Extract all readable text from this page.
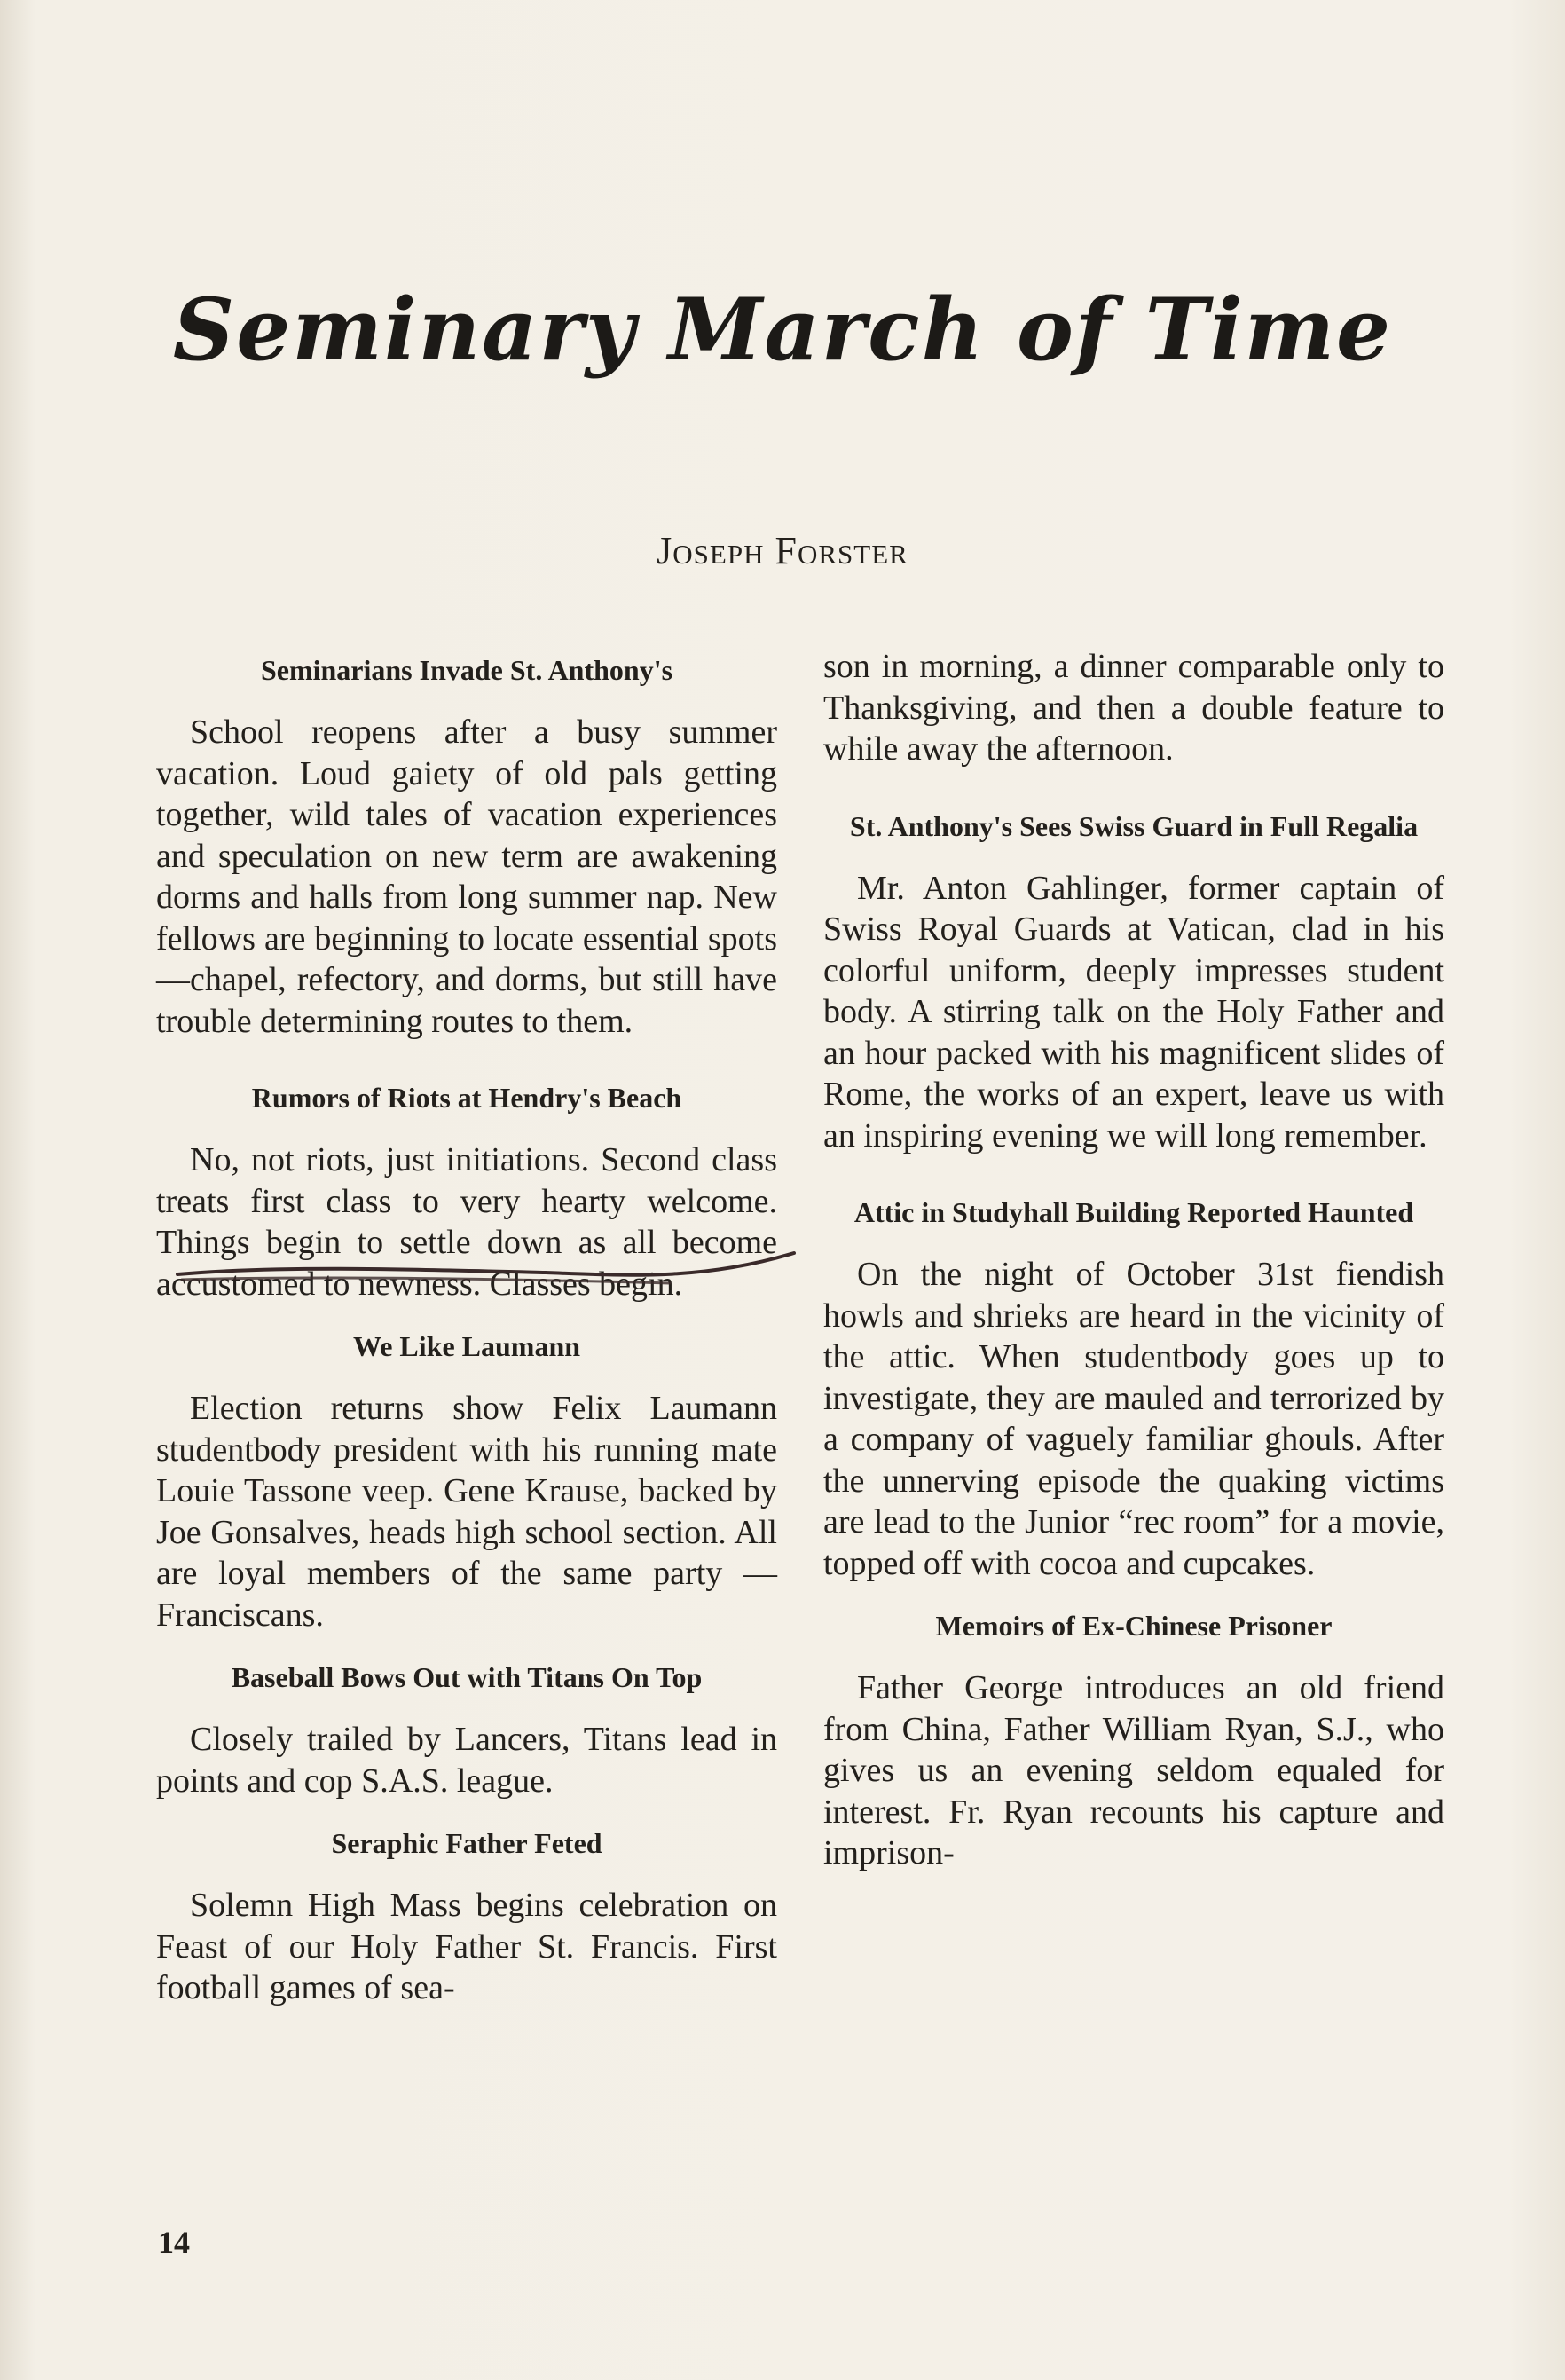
Seminary March of Time
Joseph Forster
Seminarians Invade St. Anthony's

School reopens after a busy summer vacation. Loud gaiety of old pals getting together, wild tales of vacation experiences and speculation on new term are awakening dorms and halls from long summer nap. New fellows are beginning to locate essential spots —chapel, refectory, and dorms, but still have trouble determining routes to them.

Rumors of Riots at Hendry's Beach

No, not riots, just initiations. Second class treats first class to very hearty welcome. Things begin to settle down as all become accustomed to newness. Classes begin.

We Like Laumann

Election returns show Felix Laumann studentbody president with his running mate Louie Tassone veep. Gene Krause, backed by Joe Gonsalves, heads high school section. All are loyal members of the same party — Franciscans.

Baseball Bows Out with Titans On Top

Closely trailed by Lancers, Titans lead in points and cop S.A.S. league.

Seraphic Father Feted

Solemn High Mass begins celebration on Feast of our Holy Father St. Francis. First football games of sea-

son in morning, a dinner comparable only to Thanksgiving, and then a double feature to while away the afternoon.

St. Anthony's Sees Swiss Guard in Full Regalia

Mr. Anton Gahlinger, former captain of Swiss Royal Guards at Vatican, clad in his colorful uniform, deeply impresses student body. A stirring talk on the Holy Father and an hour packed with his magnificent slides of Rome, the works of an expert, leave us with an inspiring evening we will long remember.

Attic in Studyhall Building Reported Haunted

On the night of October 31st fiendish howls and shrieks are heard in the vicinity of the attic. When studentbody goes up to investigate, they are mauled and terrorized by a company of vaguely familiar ghouls. After the unnerving episode the quaking victims are lead to the Junior “rec room” for a movie, topped off with cocoa and cupcakes.

Memoirs of Ex-Chinese Prisoner

Father George introduces an old friend from China, Father William Ryan, S.J., who gives us an evening seldom equaled for interest. Fr. Ryan recounts his capture and imprison-

14
